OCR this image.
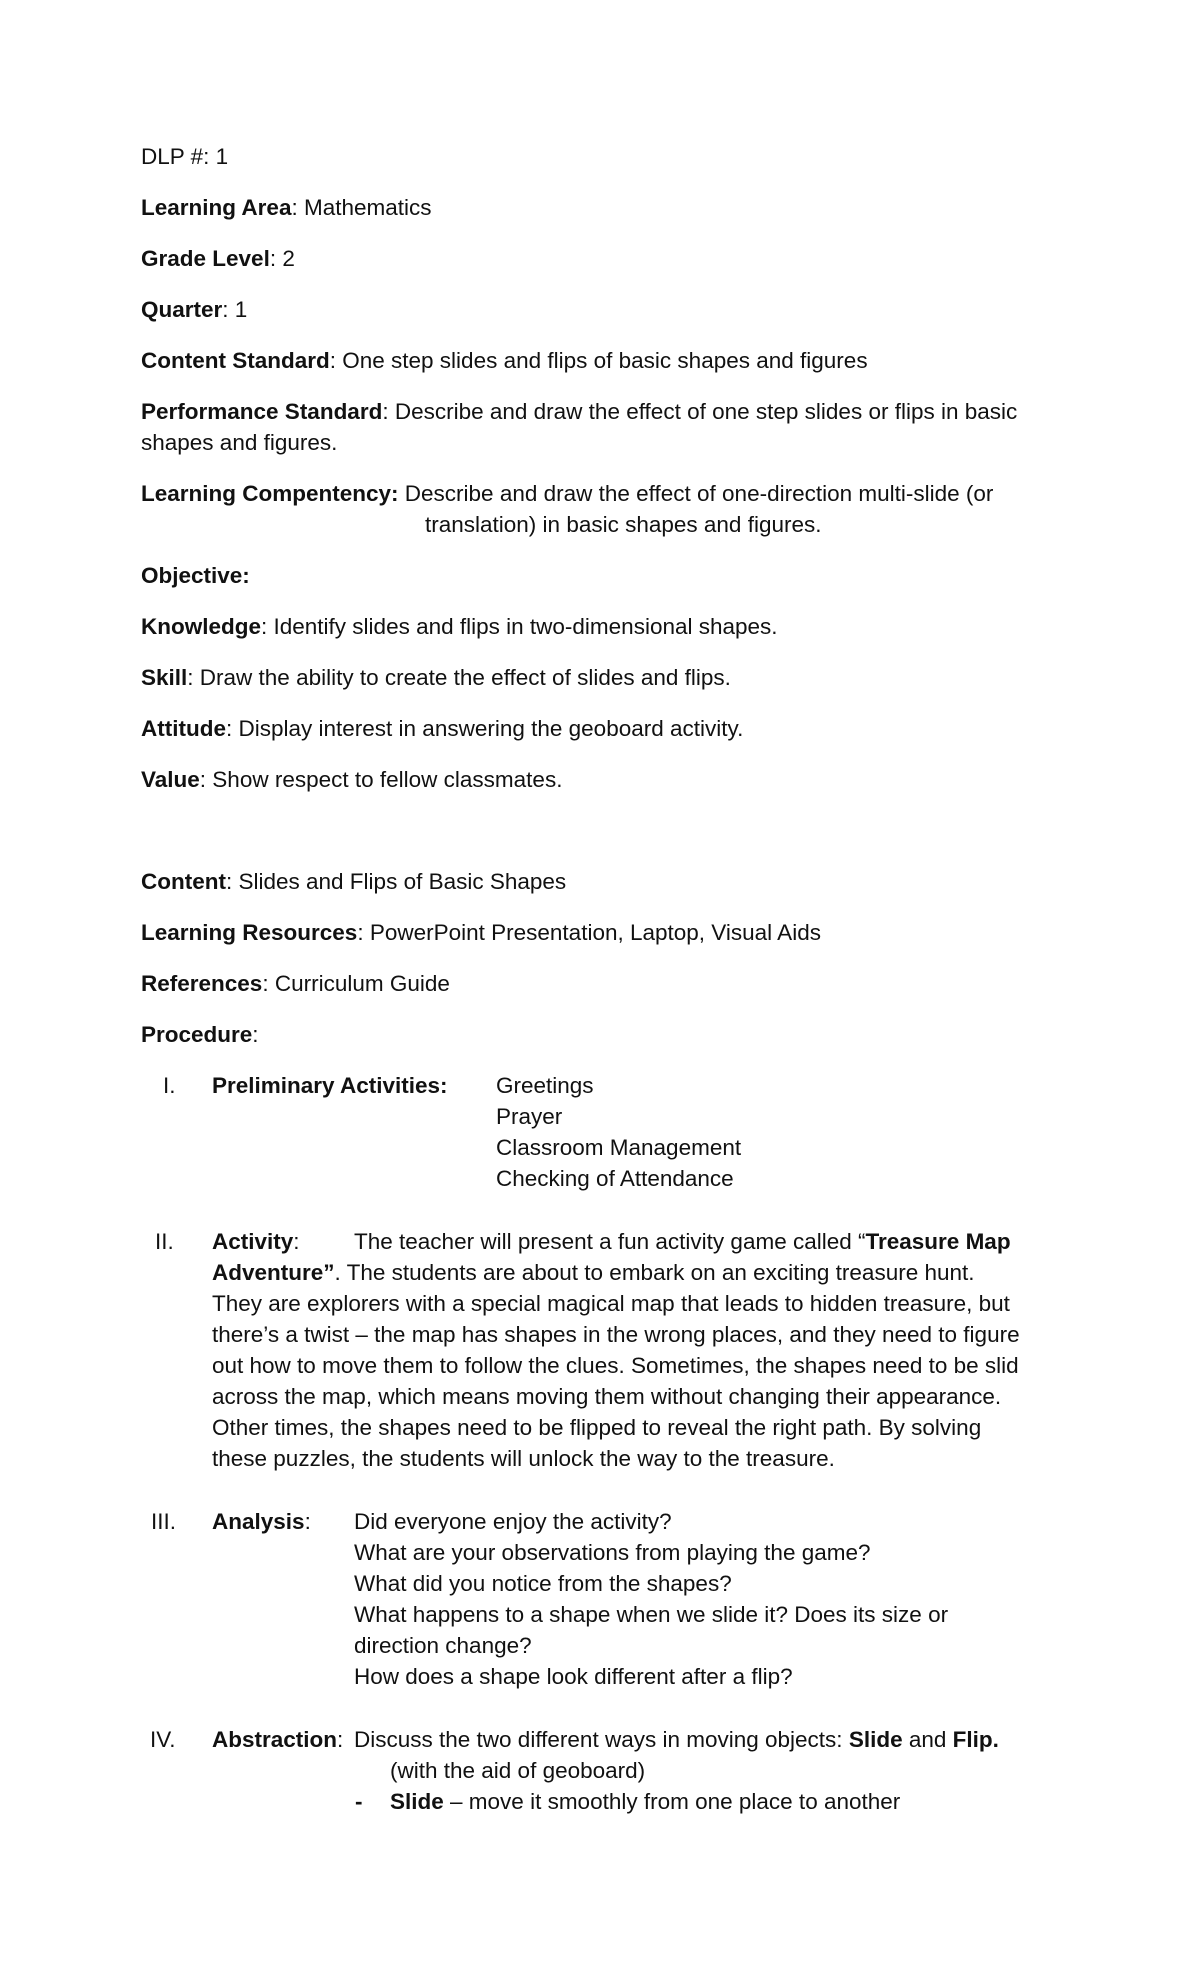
DLP #: 1
Learning Area: Mathematics
Grade Level: 2
Quarter: 1
Content Standard: One step slides and flips of basic shapes and figures
Performance Standard: Describe and draw the effect of one step slides or flips in basic
shapes and figures.
Learning Compentency: Describe and draw the effect of one-direction multi-slide (or
translation) in basic shapes and figures.
Objective:
Knowledge: Identify slides and flips in two-dimensional shapes.
Skill: Draw the ability to create the effect of slides and flips.
Attitude: Display interest in answering the geoboard activity.
Value: Show respect to fellow classmates.
Content: Slides and Flips of Basic Shapes
Learning Resources: PowerPoint Presentation, Laptop, Visual Aids
References: Curriculum Guide
Procedure:
I. Preliminary Activities: Greetings
Prayer
Classroom Management
Checking of Attendance
II. Activity: The teacher will present a fun activity game called “Treasure Map
Adventure”. The students are about to embark on an exciting treasure hunt.
They are explorers with a special magical map that leads to hidden treasure, but
there’s a twist – the map has shapes in the wrong places, and they need to figure
out how to move them to follow the clues. Sometimes, the shapes need to be slid
across the map, which means moving them without changing their appearance.
Other times, the shapes need to be flipped to reveal the right path. By solving
these puzzles, the students will unlock the way to the treasure.
III. Analysis: Did everyone enjoy the activity?
What are your observations from playing the game?
What did you notice from the shapes?
What happens to a shape when we slide it? Does its size or
direction change?
How does a shape look different after a flip?
IV. Abstraction: Discuss the two different ways in moving objects: Slide and Flip.
(with the aid of geoboard)
- Slide – move it smoothly from one place to another
